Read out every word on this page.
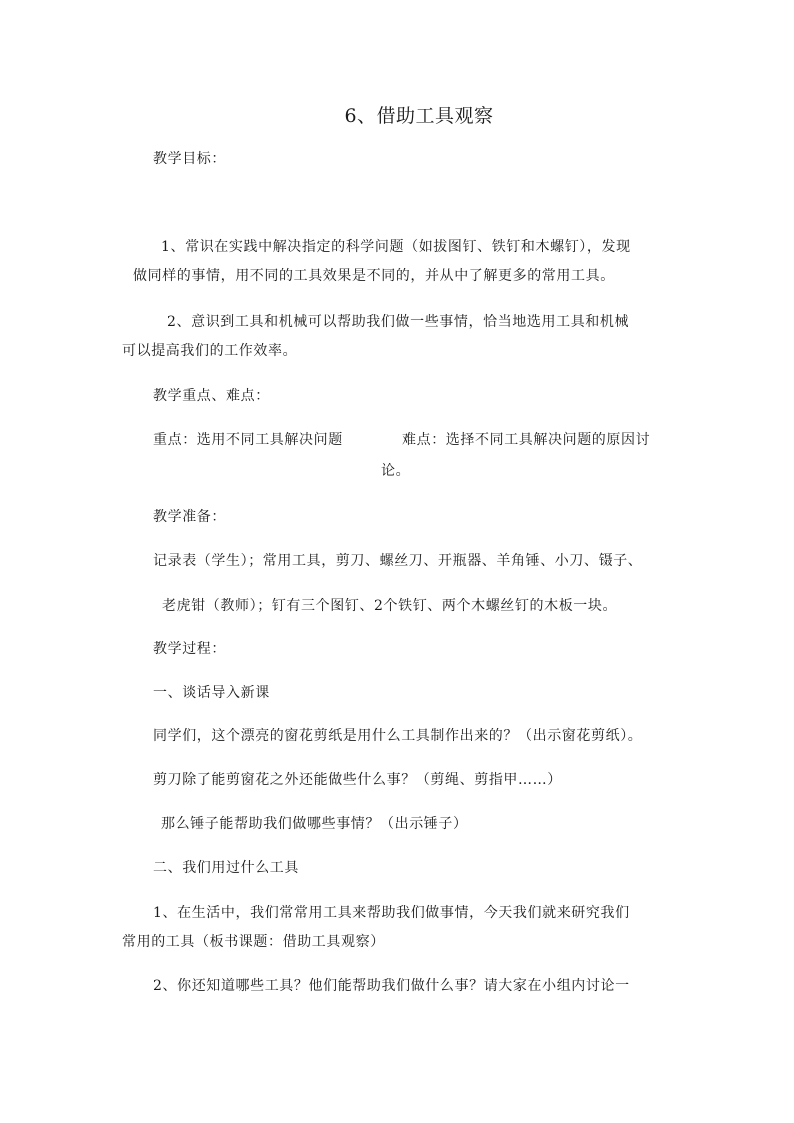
6、借助工具观察
教学目标：
1、常识在实践中解决指定的科学问题（如拔图钉、铁钉和木螺钉），发现
做同样的事情，用不同的工具效果是不同的，并从中了解更多的常用工具。
2、意识到工具和机械可以帮助我们做一些事情，恰当地选用工具和机械
可以提高我们的工作效率。
教学重点、难点：
重点：选用不同工具解决问题	难点：选择不同工具解决问题的原因讨
论。
教学准备：
记录表（学生）；常用工具，剪刀、螺丝刀、开瓶器、羊角锤、小刀、镊子、
老虎钳（教师）；钉有三个图钉、2个铁钉、两个木螺丝钉的木板一块。
教学过程：
一、谈话导入新课
同学们，这个漂亮的窗花剪纸是用什么工具制作出来的？（出示窗花剪纸）。
剪刀除了能剪窗花之外还能做些什么事？（剪绳、剪指甲……）
那么锤子能帮助我们做哪些事情？（出示锤子）
二、我们用过什么工具
1、在生活中，我们常常用工具来帮助我们做事情，今天我们就来研究我们
常用的工具（板书课题：借助工具观察）
2、你还知道哪些工具？他们能帮助我们做什么事？请大家在小组内讨论一
